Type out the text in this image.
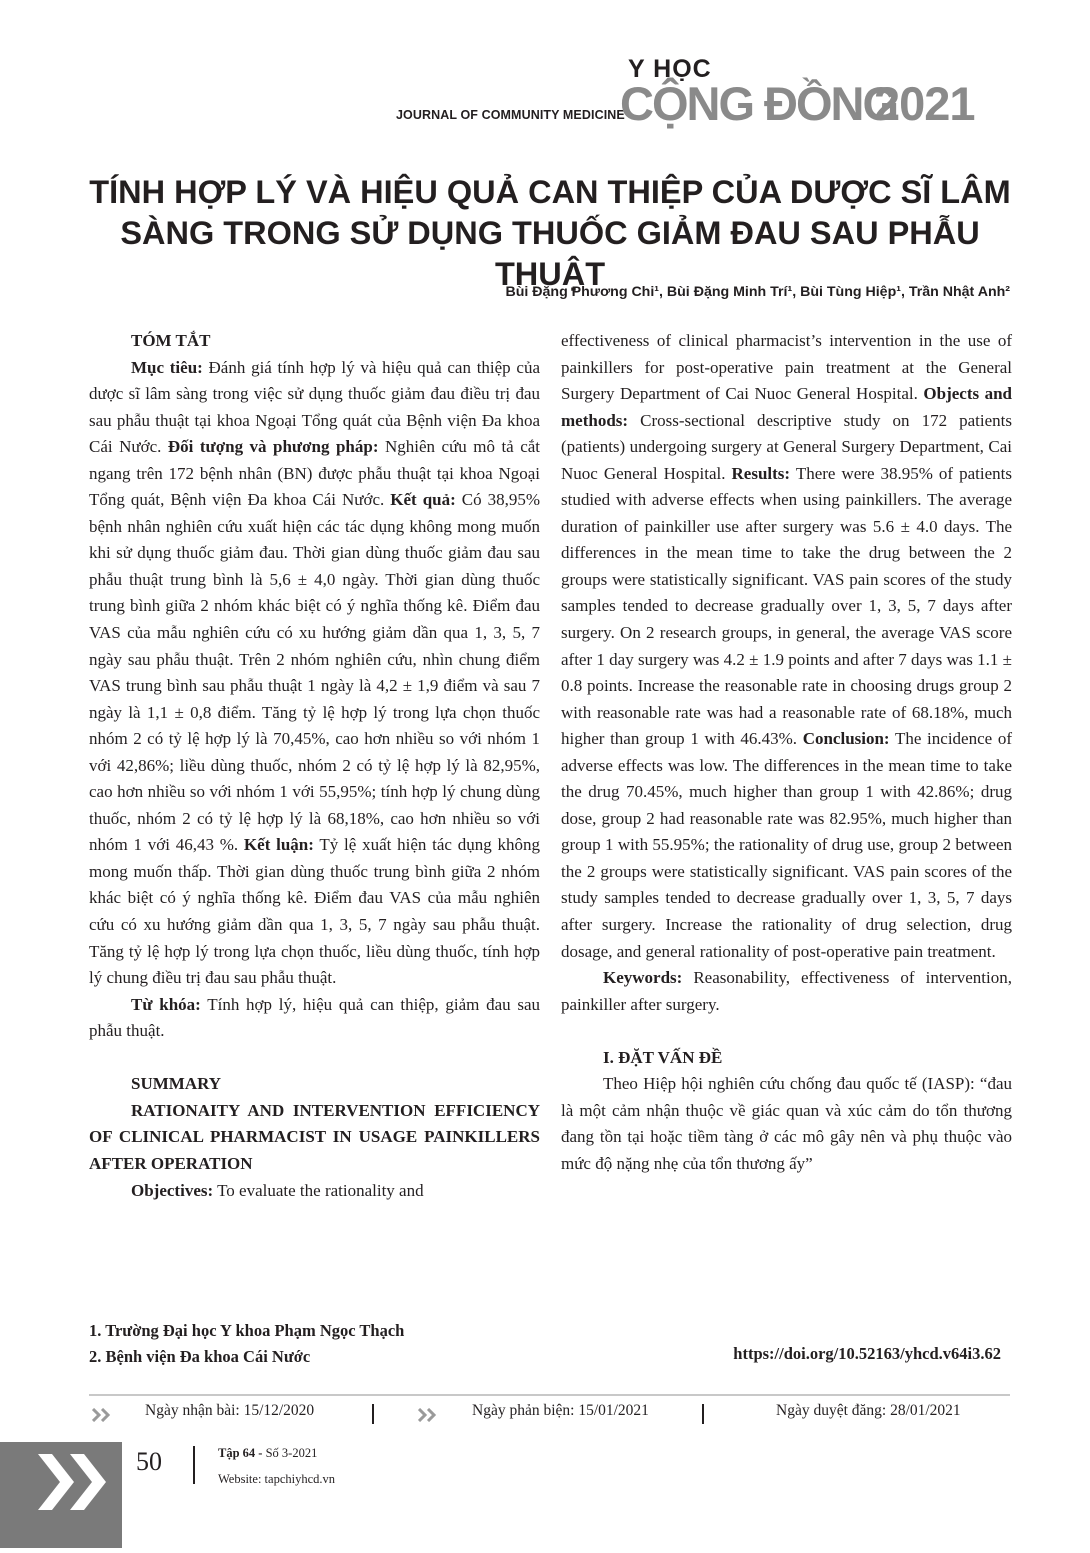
JOURNAL OF COMMUNITY MEDICINE
Y HỌC
CỘNG ĐỒNG
2021
TÍNH HỢP LÝ VÀ HIỆU QUẢ CAN THIỆP CỦA DƯỢC SĨ LÂM SÀNG TRONG SỬ DỤNG THUỐC GIẢM ĐAU SAU PHẪU THUẬT
Bùi Đặng Phương Chi¹, Bùi Đặng Minh Trí¹, Bùi Tùng Hiệp¹, Trần Nhật Anh²
TÓM TẮT

Mục tiêu: Đánh giá tính hợp lý và hiệu quả can thiệp của dược sĩ lâm sàng trong việc sử dụng thuốc giảm đau điều trị đau sau phẫu thuật tại khoa Ngoại Tổng quát của Bệnh viện Đa khoa Cái Nước. Đối tượng và phương pháp: Nghiên cứu mô tả cắt ngang trên 172 bệnh nhân (BN) được phẫu thuật tại khoa Ngoại Tổng quát, Bệnh viện Đa khoa Cái Nước. Kết quả: Có 38,95% bệnh nhân nghiên cứu xuất hiện các tác dụng không mong muốn khi sử dụng thuốc giảm đau. Thời gian dùng thuốc giảm đau sau phẫu thuật trung bình là 5,6 ± 4,0 ngày. Thời gian dùng thuốc trung bình giữa 2 nhóm khác biệt có ý nghĩa thống kê. Điểm đau VAS của mẫu nghiên cứu có xu hướng giảm dần qua 1, 3, 5, 7 ngày sau phẫu thuật. Trên 2 nhóm nghiên cứu, nhìn chung điểm VAS trung bình sau phẫu thuật 1 ngày là 4,2 ± 1,9 điểm và sau 7 ngày là 1,1 ± 0,8 điểm. Tăng tỷ lệ hợp lý trong lựa chọn thuốc nhóm 2 có tỷ lệ hợp lý là 70,45%, cao hơn nhiều so với nhóm 1 với 42,86%; liều dùng thuốc, nhóm 2 có tỷ lệ hợp lý là 82,95%, cao hơn nhiều so với nhóm 1 với 55,95%; tính hợp lý chung dùng thuốc, nhóm 2 có tỷ lệ hợp lý là 68,18%, cao hơn nhiều so với nhóm 1 với 46,43 %. Kết luận: Tỷ lệ xuất hiện tác dụng không mong muốn thấp. Thời gian dùng thuốc trung bình giữa 2 nhóm khác biệt có ý nghĩa thống kê. Điểm đau VAS của mẫu nghiên cứu có xu hướng giảm dần qua 1, 3, 5, 7 ngày sau phẫu thuật. Tăng tỷ lệ hợp lý trong lựa chọn thuốc, liều dùng thuốc, tính hợp lý chung điều trị đau sau phẫu thuật.

Từ khóa: Tính hợp lý, hiệu quả can thiệp, giảm đau sau phẫu thuật.

SUMMARY

RATIONAITY AND INTERVENTION EFFICIENCY OF CLINICAL PHARMACIST IN USAGE PAINKILLERS AFTER OPERATION

Objectives: To evaluate the rationality and

effectiveness of clinical pharmacist’s intervention in the use of painkillers for post-operative pain treatment at the General Surgery Department of Cai Nuoc General Hospital. Objects and methods: Cross-sectional descriptive study on 172 patients (patients) undergoing surgery at General Surgery Department, Cai Nuoc General Hospital. Results: There were 38.95% of patients studied with adverse effects when using painkillers. The average duration of painkiller use after surgery was 5.6 ± 4.0 days. The differences in the mean time to take the drug between the 2 groups were statistically significant. VAS pain scores of the study samples tended to decrease gradually over 1, 3, 5, 7 days after surgery. On 2 research groups, in general, the average VAS score after 1 day surgery was 4.2 ± 1.9 points and after 7 days was 1.1 ± 0.8 points. Increase the reasonable rate in choosing drugs group 2 with reasonable rate was had a reasonable rate of 68.18%, much higher than group 1 with 46.43%. Conclusion: The incidence of adverse effects was low. The differences in the mean time to take the drug 70.45%, much higher than group 1 with 42.86%; drug dose, group 2 had reasonable rate was 82.95%, much higher than group 1 with 55.95%; the rationality of drug use, group 2 between the 2 groups were statistically significant. VAS pain scores of the study samples tended to decrease gradually over 1, 3, 5, 7 days after surgery. Increase the rationality of drug selection, drug dosage, and general rationality of post-operative pain treatment.

Keywords: Reasonability, effectiveness of intervention, painkiller after surgery.

I. ĐẶT VẤN ĐỀ

Theo Hiệp hội nghiên cứu chống đau quốc tế (IASP): “đau là một cảm nhận thuộc về giác quan và xúc cảm do tổn thương đang tồn tại hoặc tiềm tàng ở các mô gây nên và phụ thuộc vào mức độ nặng nhẹ của tổn thương ấy”

1. Trường Đại học Y khoa Phạm Ngọc Thạch
2. Bệnh viện Đa khoa Cái Nước	https://doi.org/10.52163/yhcd.v64i3.62
Ngày nhận bài: 15/12/2020	Ngày phản biện: 15/01/2021	Ngày duyệt đăng: 28/01/2021
50	Tập 64 - Số 3-2021
Website: tapchiyhcd.vn
